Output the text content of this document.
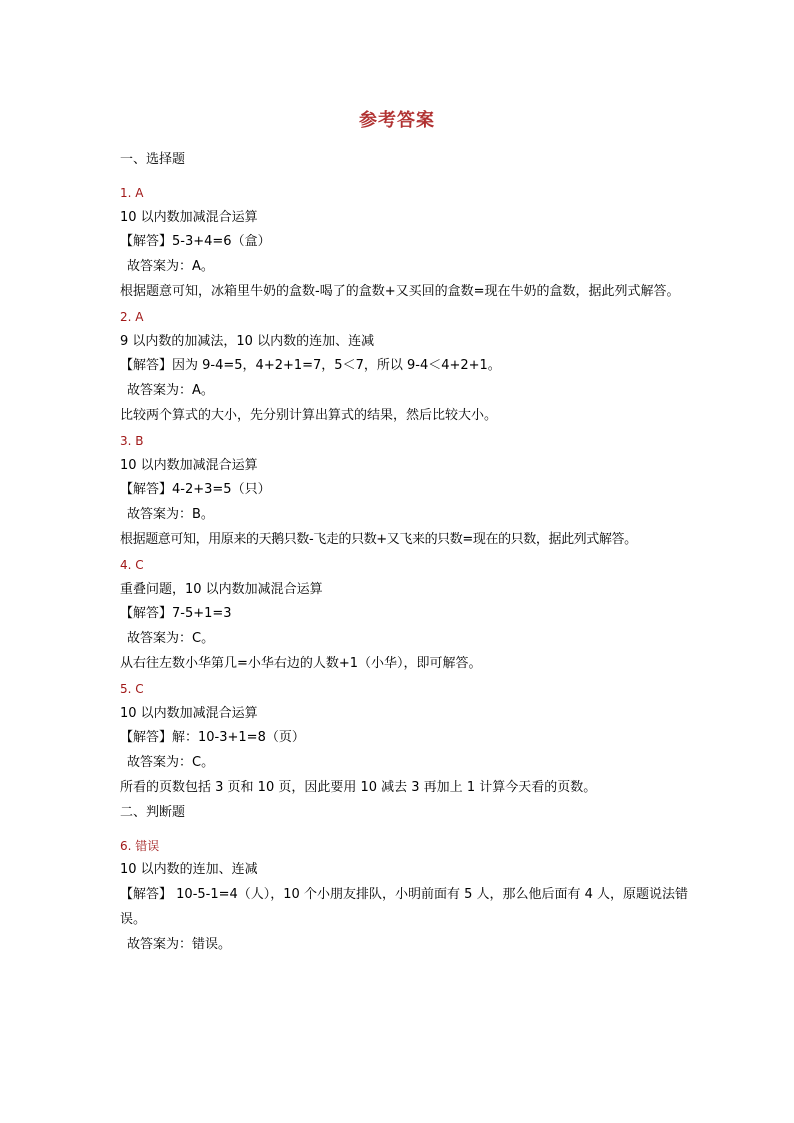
参考答案
一、选择题
1. A
10 以内数加减混合运算
【解答】5-3+4=6（盒）
故答案为：A。
根据题意可知，冰箱里牛奶的盒数-喝了的盒数+又买回的盒数=现在牛奶的盒数，据此列式解答。
2. A
9 以内数的加减法，10 以内数的连加、连减
【解答】因为 9-4=5，4+2+1=7，5＜7，所以 9-4＜4+2+1。
故答案为：A。
比较两个算式的大小，先分别计算出算式的结果，然后比较大小。
3. B
10 以内数加减混合运算
【解答】4-2+3=5（只）
故答案为：B。
根据题意可知，用原来的天鹅只数-飞走的只数+又飞来的只数=现在的只数，据此列式解答。
4. C
重叠问题，10 以内数加减混合运算
【解答】7-5+1=3
故答案为：C。
从右往左数小华第几=小华右边的人数+1（小华），即可解答。
5. C
10 以内数加减混合运算
【解答】解：10-3+1=8（页）
故答案为：C。
所看的页数包括 3 页和 10 页，因此要用 10 减去 3 再加上 1 计算今天看的页数。
二、判断题
6. 错误
10 以内数的连加、连减
【解答】 10-5-1=4（人），10 个小朋友排队，小明前面有 5 人，那么他后面有 4 人，原题说法错误。
故答案为：错误。
